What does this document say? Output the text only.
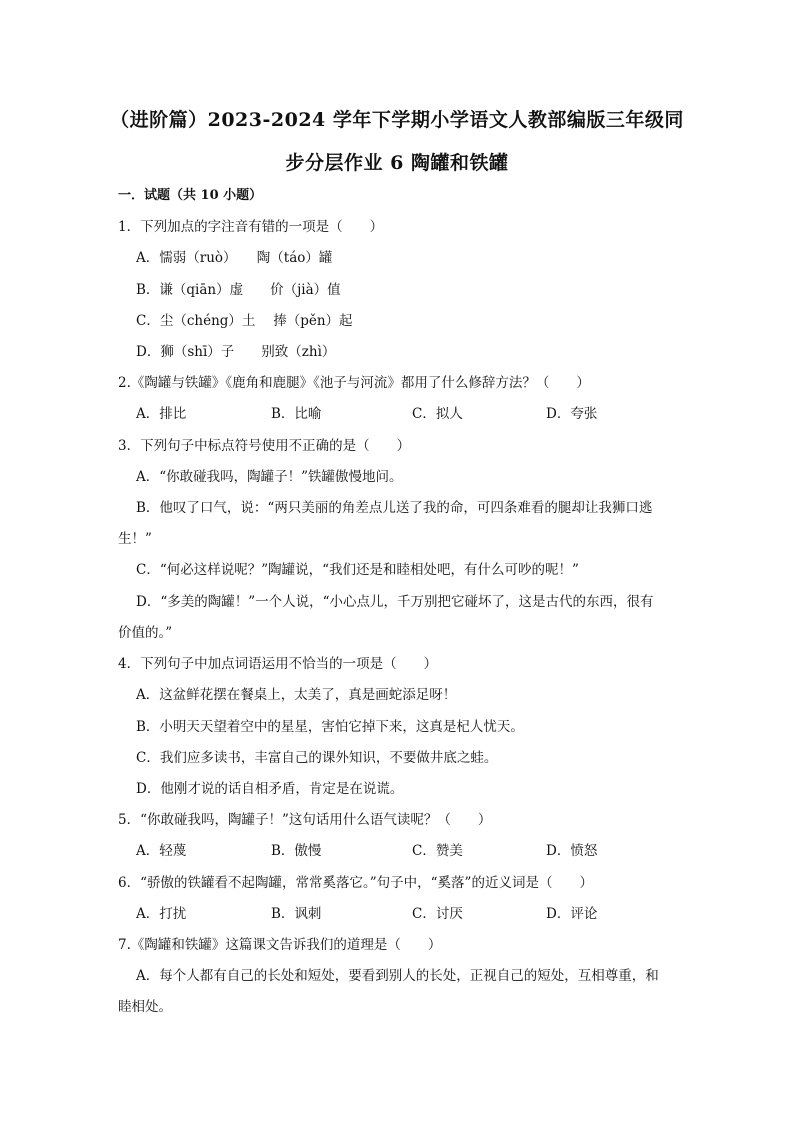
（进阶篇）2023-2024 学年下学期小学语文人教部编版三年级同
步分层作业 6 陶罐和铁罐
一．试题（共 10 小题）
1．下列加点的字注音有错的一项是（　　）
A．懦弱（ruò）　　陶（táo）罐
B．谦（qiān）虚　　价（jià）值
C．尘（chéng）土　 捧（pěn）起
D．狮（shī）子　　别致（zhì）
2.《陶罐与铁罐》《鹿角和鹿腿》《池子与河流》都用了什么修辞方法？（　　）
A．排比	B．比喻	C．拟人	D．夸张
3．下列句子中标点符号使用不正确的是（　　）
A．“你敢碰我吗，陶罐子！”铁罐傲慢地问。
B．他叹了口气，说：“两只美丽的角差点儿送了我的命，可四条难看的腿却让我狮口逃
生！”
C．“何必这样说呢？”陶罐说，“我们还是和睦相处吧，有什么可吵的呢！”
D．“多美的陶罐！”一个人说，“小心点儿，千万别把它碰坏了，这是古代的东西，很有
价值的。”
4．下列句子中加点词语运用不恰当的一项是（　　）
A．这盆鲜花摆在餐桌上，太美了，真是画蛇添足呀！
B．小明天天望着空中的星星，害怕它掉下来，这真是杞人忧天。
C．我们应多读书，丰富自己的课外知识，不要做井底之蛙。
D．他刚才说的话自相矛盾，肯定是在说谎。
5．“你敢碰我吗，陶罐子！”这句话用什么语气读呢？（　　）
A．轻蔑	B．傲慢	C．赞美	D．愤怒
6．“骄傲的铁罐看不起陶罐，常常奚落它。”句子中，“奚落”的近义词是（　　）
A．打扰	B．讽刺	C．讨厌	D．评论
7.《陶罐和铁罐》这篇课文告诉我们的道理是（　　）
A．每个人都有自己的长处和短处，要看到别人的长处，正视自己的短处，互相尊重，和
睦相处。
